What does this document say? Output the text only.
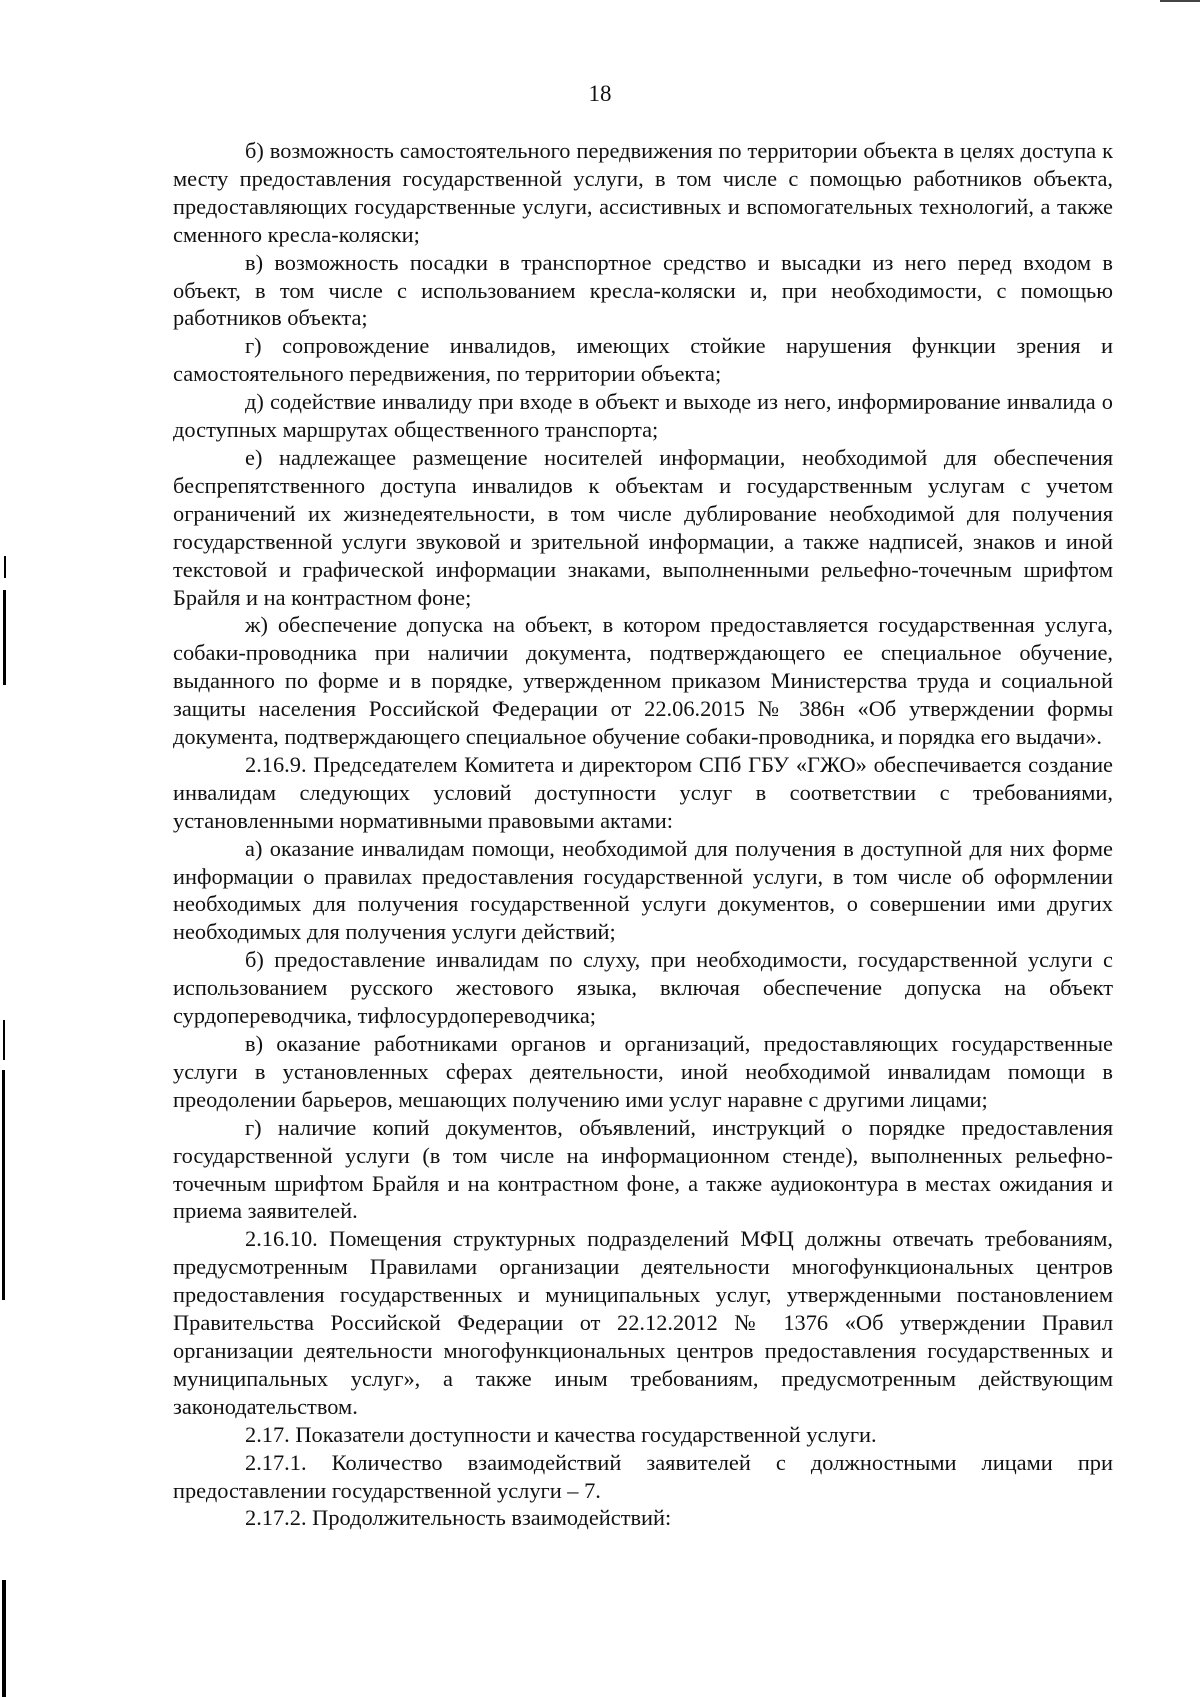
18

б) возможность самостоятельного передвижения по территории объекта в целях доступа к месту предоставления государственной услуги, в том числе с помощью работников объекта, предоставляющих государственные услуги, ассистивных и вспомогательных технологий, а также сменного кресла-коляски;

в) возможность посадки в транспортное средство и высадки из него перед входом в объект, в том числе с использованием кресла-коляски и, при необходимости, с помощью работников объекта;

г) сопровождение инвалидов, имеющих стойкие нарушения функции зрения и самостоятельного передвижения, по территории объекта;

д) содействие инвалиду при входе в объект и выходе из него, информирование инвалида о доступных маршрутах общественного транспорта;

е) надлежащее размещение носителей информации, необходимой для обеспечения беспрепятственного доступа инвалидов к объектам и государственным услугам с учетом ограничений их жизнедеятельности, в том числе дублирование необходимой для получения государственной услуги звуковой и зрительной информации, а также надписей, знаков и иной текстовой и графической информации знаками, выполненными рельефно-точечным шрифтом Брайля и на контрастном фоне;

ж) обеспечение допуска на объект, в котором предоставляется государственная услуга, собаки-проводника при наличии документа, подтверждающего ее специальное обучение, выданного по форме и в порядке, утвержденном приказом Министерства труда и социальной защиты населения Российской Федерации от 22.06.2015 № 386н «Об утверждении формы документа, подтверждающего специальное обучение собаки-проводника, и порядка его выдачи».

2.16.9. Председателем Комитета и директором СПб ГБУ «ГЖО» обеспечивается создание инвалидам следующих условий доступности услуг в соответствии с требованиями, установленными нормативными правовыми актами:

а) оказание инвалидам помощи, необходимой для получения в доступной для них форме информации о правилах предоставления государственной услуги, в том числе об оформлении необходимых для получения государственной услуги документов, о совершении ими других необходимых для получения услуги действий;

б) предоставление инвалидам по слуху, при необходимости, государственной услуги с использованием русского жестового языка, включая обеспечение допуска на объект сурдопереводчика, тифлосурдопереводчика;

в) оказание работниками органов и организаций, предоставляющих государственные услуги в установленных сферах деятельности, иной необходимой инвалидам помощи в преодолении барьеров, мешающих получению ими услуг наравне с другими лицами;

г) наличие копий документов, объявлений, инструкций о порядке предоставления государственной услуги (в том числе на информационном стенде), выполненных рельефно-точечным шрифтом Брайля и на контрастном фоне, а также аудиоконтура в местах ожидания и приема заявителей.

2.16.10. Помещения структурных подразделений МФЦ должны отвечать требованиям, предусмотренным Правилами организации деятельности многофункциональных центров предоставления государственных и муниципальных услуг, утвержденными постановлением Правительства Российской Федерации от 22.12.2012 № 1376 «Об утверждении Правил организации деятельности многофункциональных центров предоставления государственных и муниципальных услуг», а также иным требованиям, предусмотренным действующим законодательством.

2.17. Показатели доступности и качества государственной услуги.

2.17.1. Количество взаимодействий заявителей с должностными лицами при предоставлении государственной услуги – 7.

2.17.2. Продолжительность взаимодействий:
